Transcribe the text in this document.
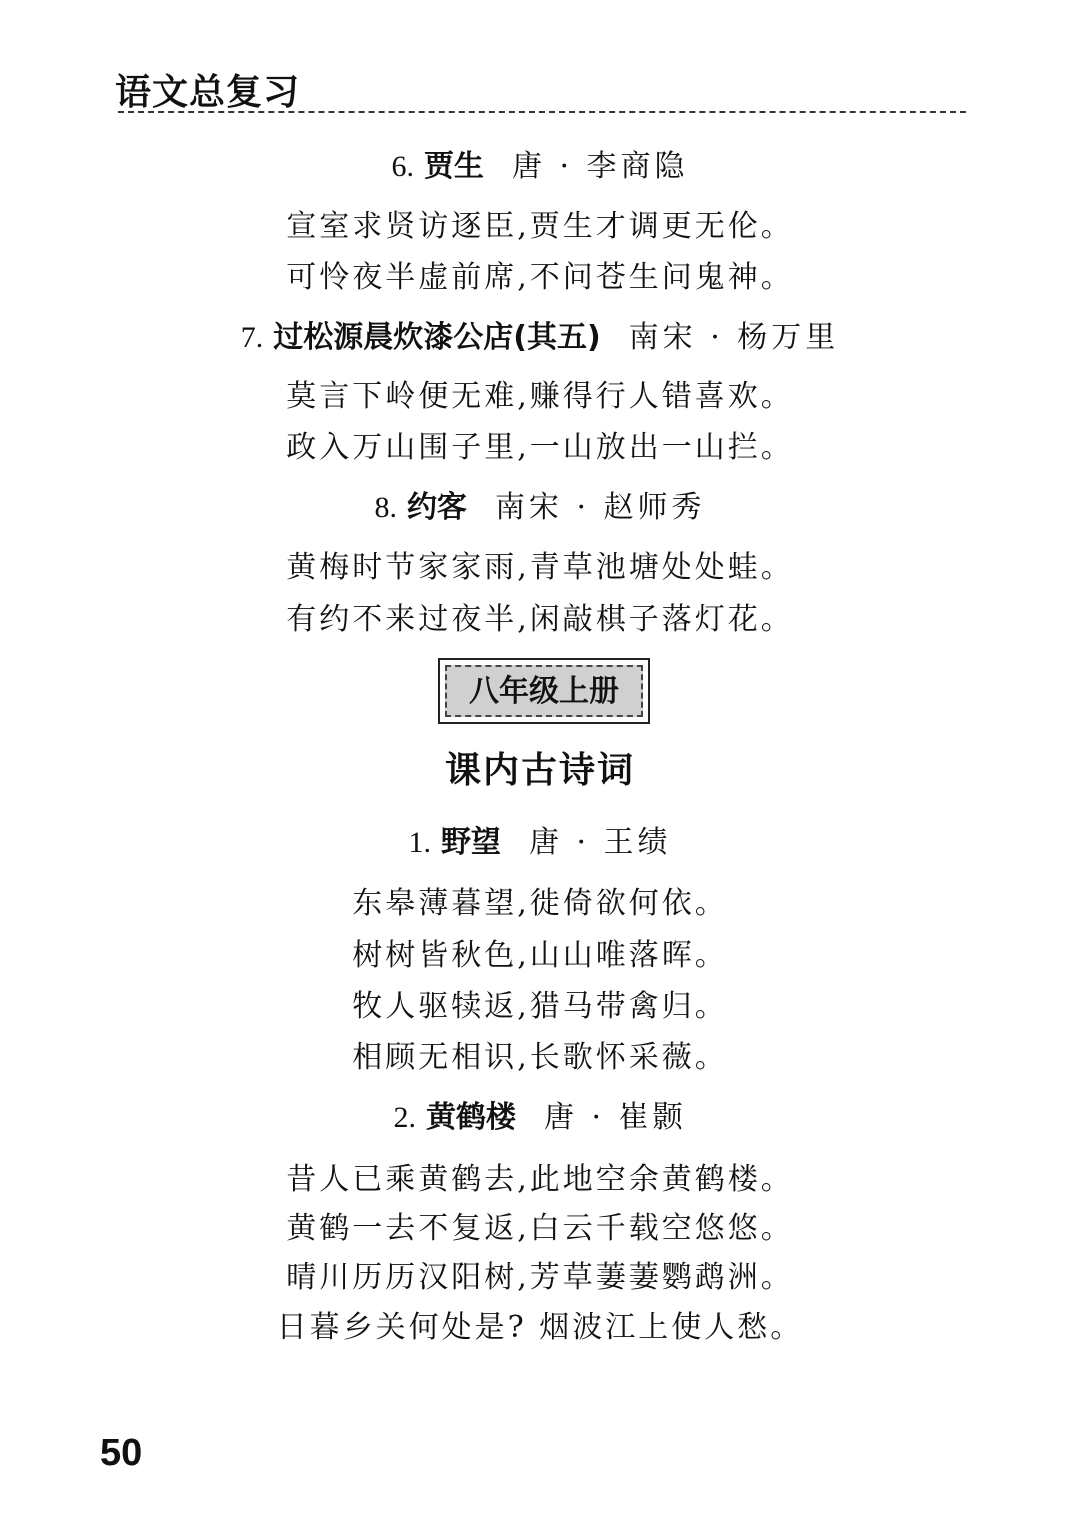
语文总复习
6. 贾生 唐 · 李商隐
宣室求贤访逐臣,贾生才调更无伦。
可怜夜半虚前席,不问苍生问鬼神。
7. 过松源晨炊漆公店(其五) 南宋 · 杨万里
莫言下岭便无难,赚得行人错喜欢。
政入万山围子里,一山放出一山拦。
8. 约客 南宋 · 赵师秀
黄梅时节家家雨,青草池塘处处蛙。
有约不来过夜半,闲敲棋子落灯花。
八年级上册
课内古诗词
1. 野望 唐 · 王绩
东皋薄暮望,徙倚欲何依。
树树皆秋色,山山唯落晖。
牧人驱犊返,猎马带禽归。
相顾无相识,长歌怀采薇。
2. 黄鹤楼 唐 · 崔颢
昔人已乘黄鹤去,此地空余黄鹤楼。
黄鹤一去不复返,白云千载空悠悠。
晴川历历汉阳树,芳草萋萋鹦鹉洲。
日暮乡关何处是? 烟波江上使人愁。
50
